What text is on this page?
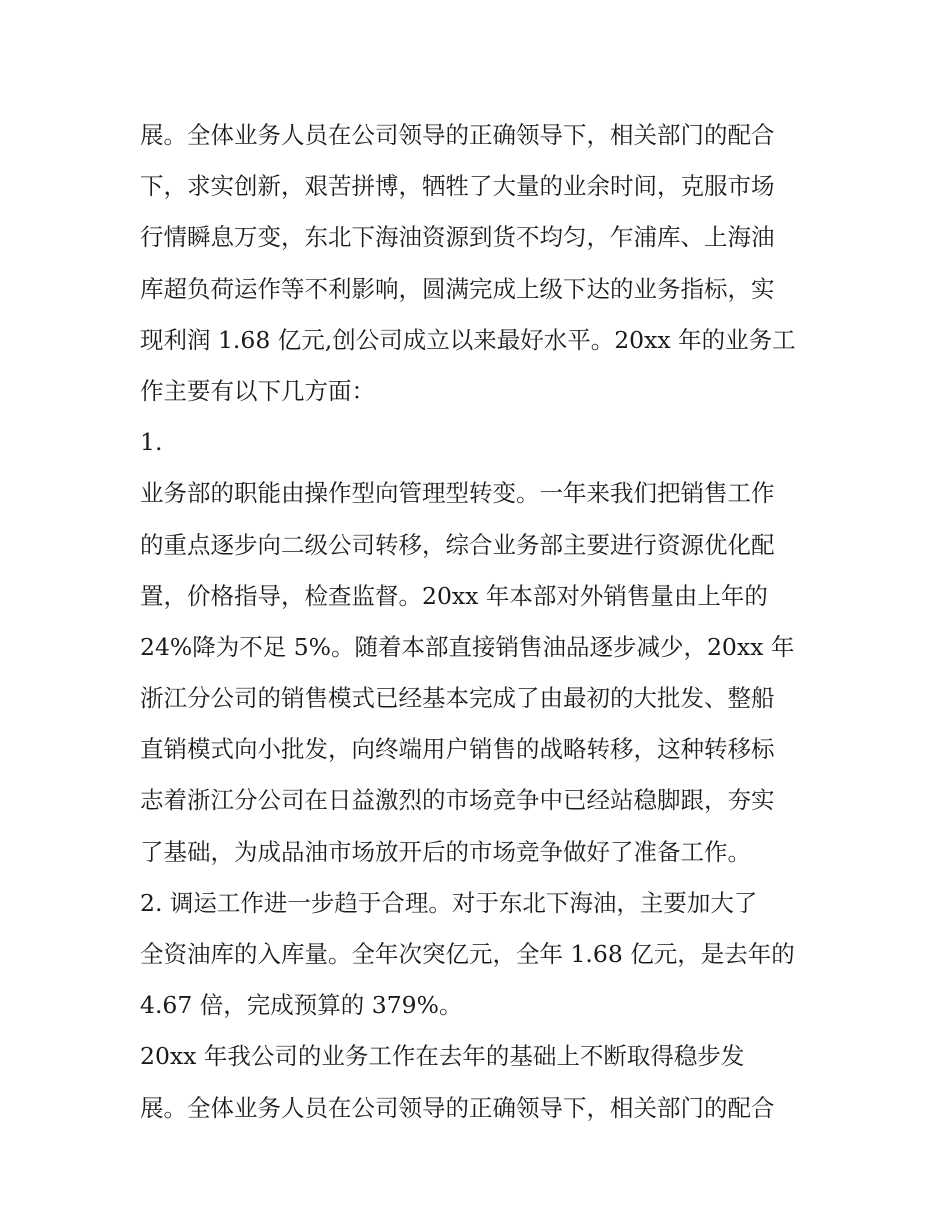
展。全体业务人员在公司领导的正确领导下，相关部门的配合
下，求实创新，艰苦拼博，牺牲了大量的业余时间，克服市场
行情瞬息万变，东北下海油资源到货不均匀，乍浦库、上海油
库超负荷运作等不利影响，圆满完成上级下达的业务指标，实
现利润 1.68 亿元,创公司成立以来最好水平。20xx 年的业务工
作主要有以下几方面：
1.
业务部的职能由操作型向管理型转变。一年来我们把销售工作
的重点逐步向二级公司转移，综合业务部主要进行资源优化配
置，价格指导，检查监督。20xx 年本部对外销售量由上年的
24%降为不足 5%。随着本部直接销售油品逐步减少，20xx 年
浙江分公司的销售模式已经基本完成了由最初的大批发、整船
直销模式向小批发，向终端用户销售的战略转移，这种转移标
志着浙江分公司在日益激烈的市场竞争中已经站稳脚跟，夯实
了基础，为成品油市场放开后的市场竞争做好了准备工作。
2. 调运工作进一步趋于合理。对于东北下海油，主要加大了
全资油库的入库量。全年次突亿元，全年 1.68 亿元，是去年的
4.67 倍，完成预算的 379%。
20xx 年我公司的业务工作在去年的基础上不断取得稳步发
展。全体业务人员在公司领导的正确领导下，相关部门的配合
